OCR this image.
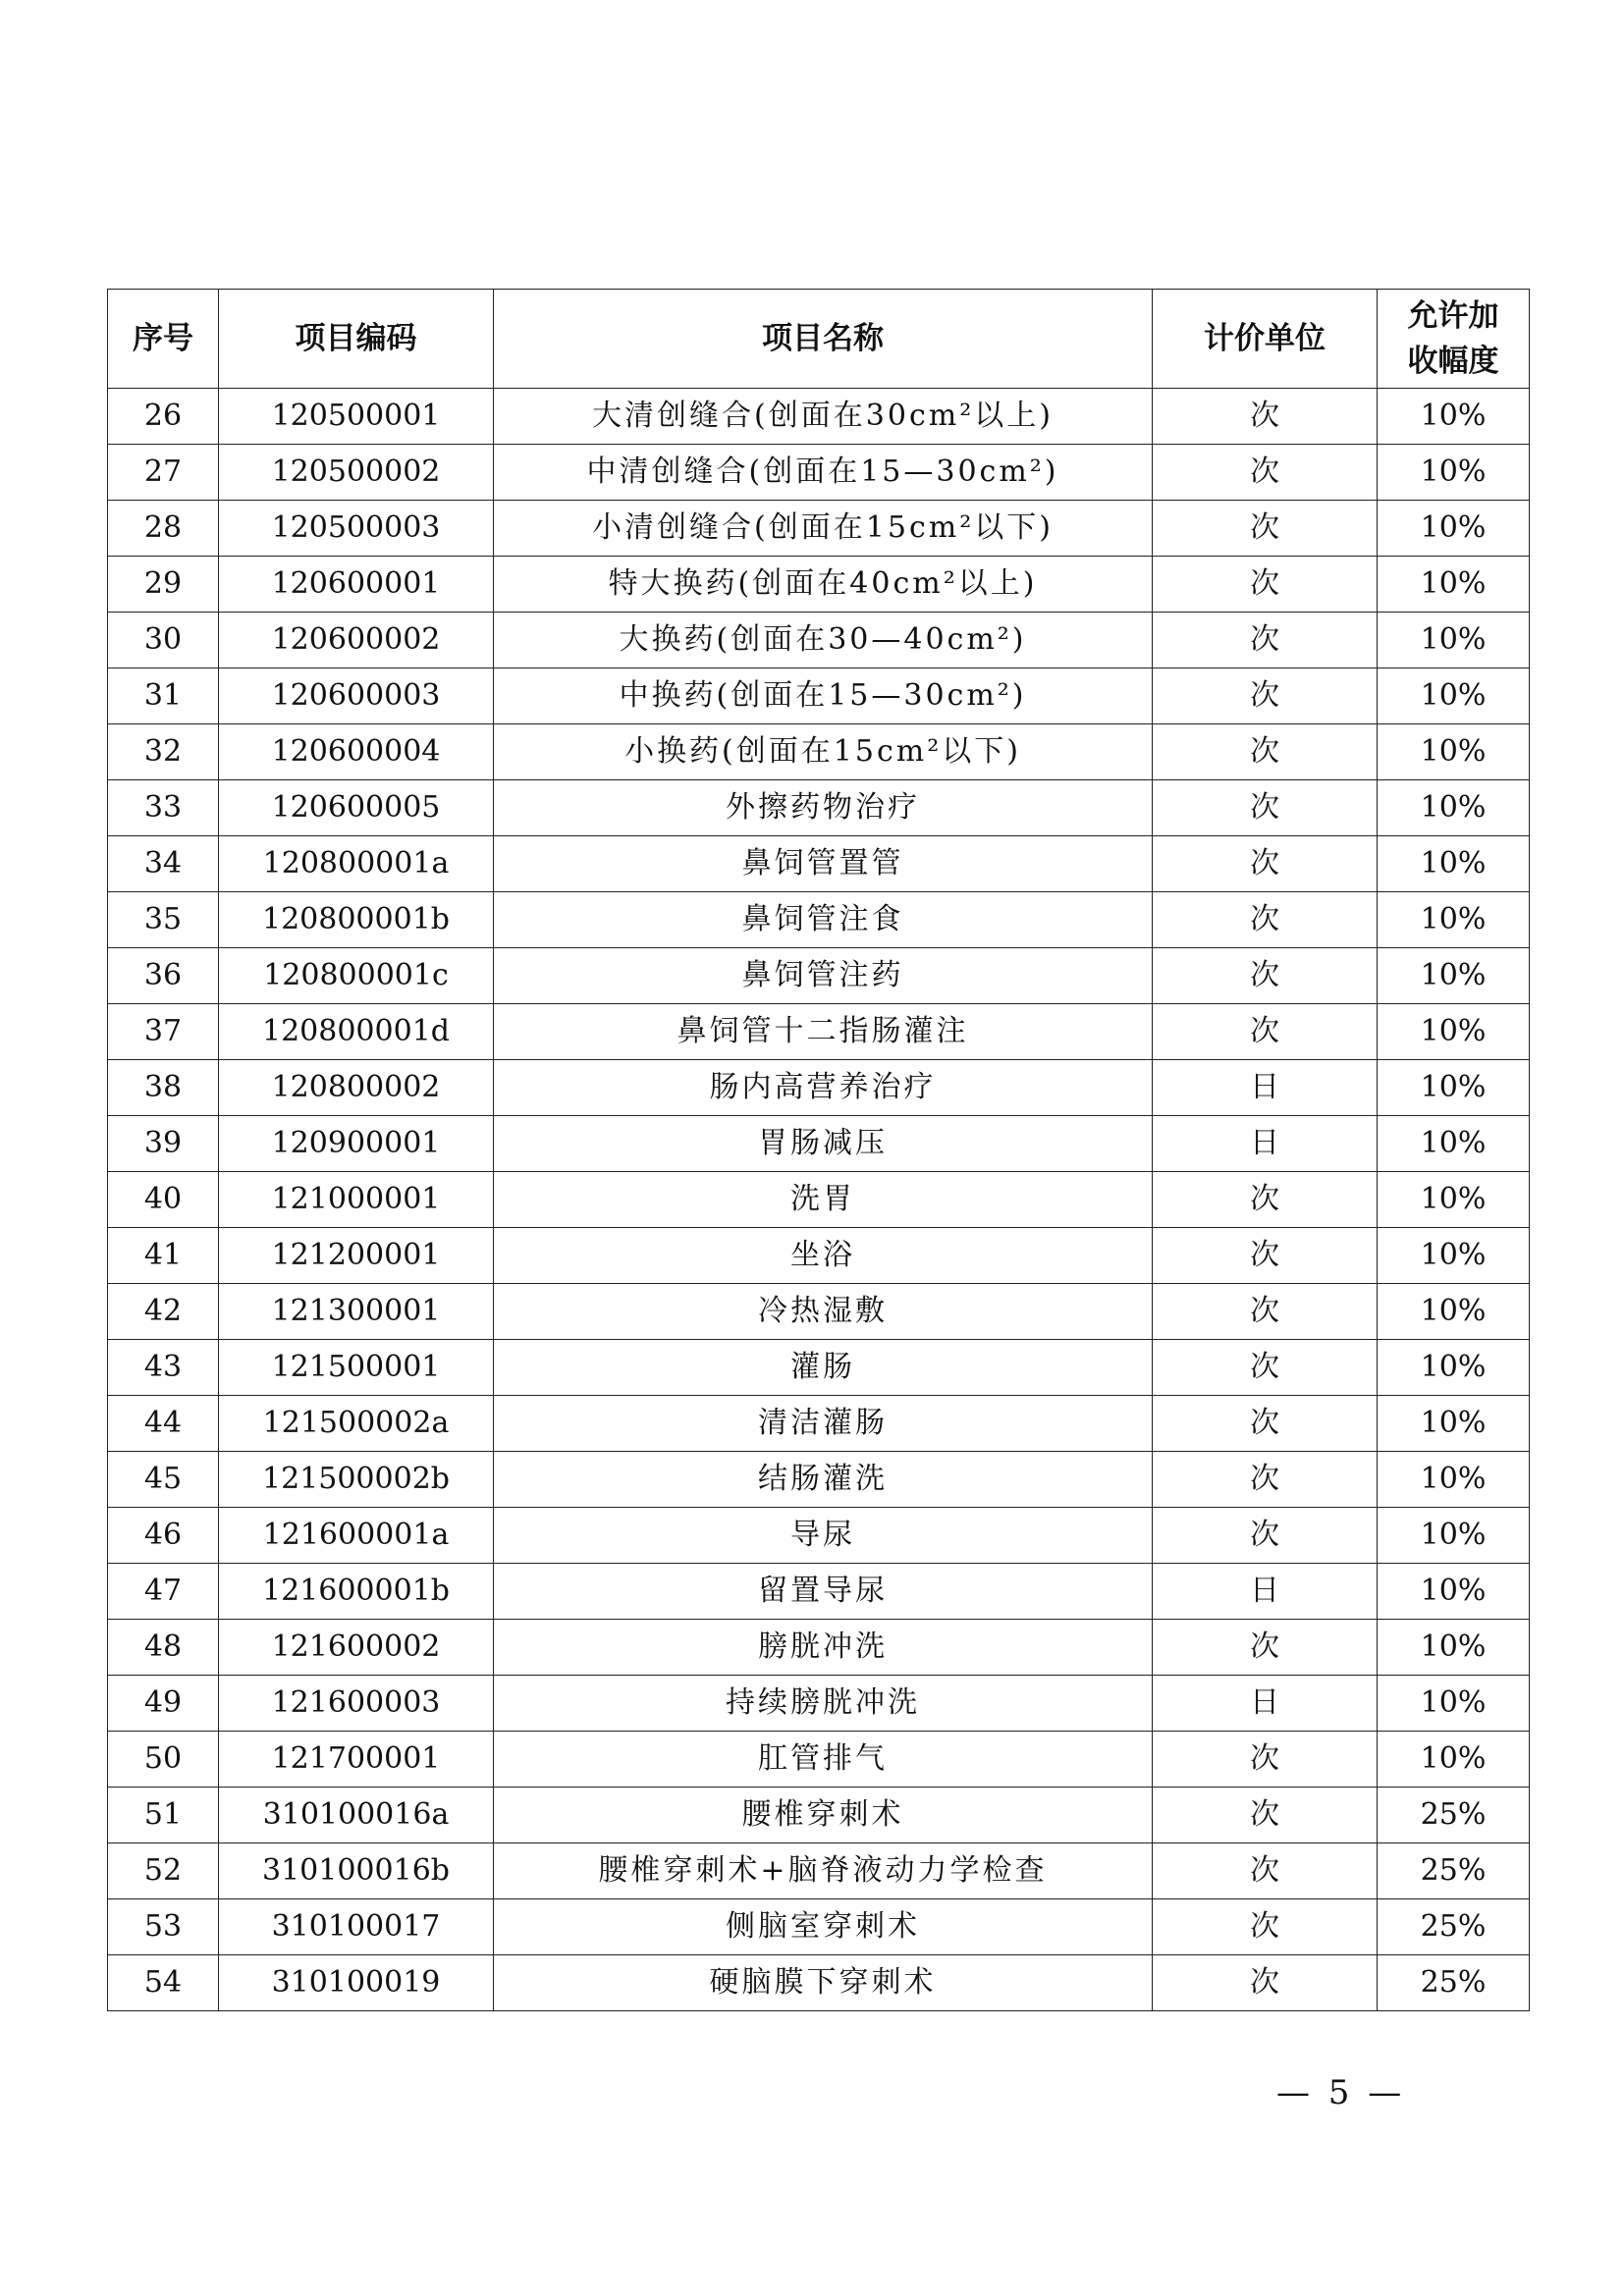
序号	项目编码	项目名称	计价单位	允许加收幅度
26	120500001	大清创缝合(创面在30cm²以上)	次	10%
27	120500002	中清创缝合(创面在15—30cm²)	次	10%
28	120500003	小清创缝合(创面在15cm²以下)	次	10%
29	120600001	特大换药(创面在40cm²以上)	次	10%
30	120600002	大换药(创面在30—40cm²)	次	10%
31	120600003	中换药(创面在15—30cm²)	次	10%
32	120600004	小换药(创面在15cm²以下)	次	10%
33	120600005	外擦药物治疗	次	10%
34	120800001a	鼻饲管置管	次	10%
35	120800001b	鼻饲管注食	次	10%
36	120800001c	鼻饲管注药	次	10%
37	120800001d	鼻饲管十二指肠灌注	次	10%
38	120800002	肠内高营养治疗	日	10%
39	120900001	胃肠减压	日	10%
40	121000001	洗胃	次	10%
41	121200001	坐浴	次	10%
42	121300001	冷热湿敷	次	10%
43	121500001	灌肠	次	10%
44	121500002a	清洁灌肠	次	10%
45	121500002b	结肠灌洗	次	10%
46	121600001a	导尿	次	10%
47	121600001b	留置导尿	日	10%
48	121600002	膀胱冲洗	次	10%
49	121600003	持续膀胱冲洗	日	10%
50	121700001	肛管排气	次	10%
51	310100016a	腰椎穿刺术	次	25%
52	310100016b	腰椎穿刺术+脑脊液动力学检查	次	25%
53	310100017	侧脑室穿刺术	次	25%
54	310100019	硬脑膜下穿刺术	次	25%
— 5 —
